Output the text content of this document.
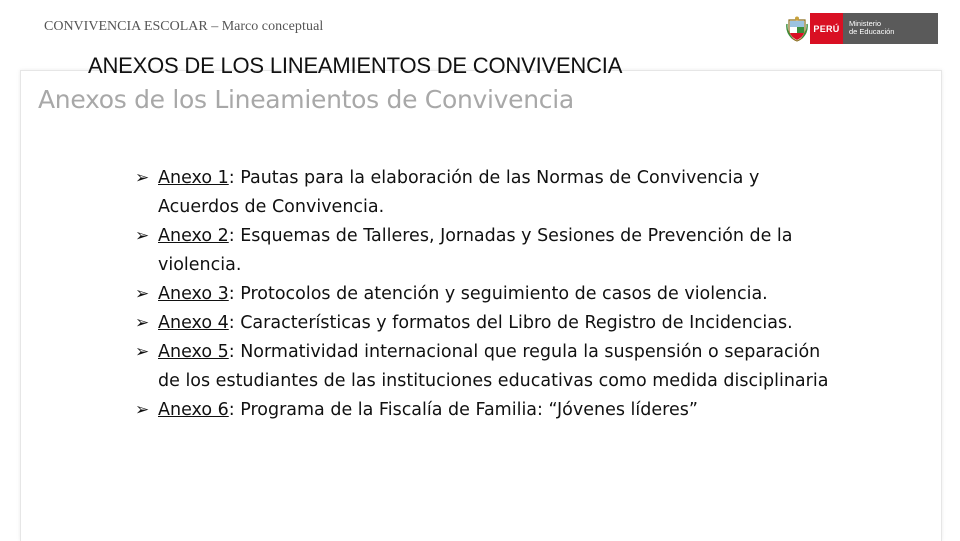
CONVIVENCIA ESCOLAR – Marco conceptual	PERÚ	Ministerio
de Educación
ANEXOS DE LOS LINEAMIENTOS DE CONVIVENCIA
Anexos de los Lineamientos de Convivencia
➢ Anexo 1: Pautas para la elaboración de las Normas de Convivencia y Acuerdos de Convivencia.
➢ Anexo 2: Esquemas de Talleres, Jornadas y Sesiones de Prevención de la violencia.
➢ Anexo 3: Protocolos de atención y seguimiento de casos de violencia.
➢ Anexo 4: Características y formatos del Libro de Registro de Incidencias.
➢ Anexo 5: Normatividad internacional que regula la suspensión o separación de los estudiantes de las instituciones educativas como medida disciplinaria
➢ Anexo 6: Programa de la Fiscalía de Familia: “Jóvenes líderes”
